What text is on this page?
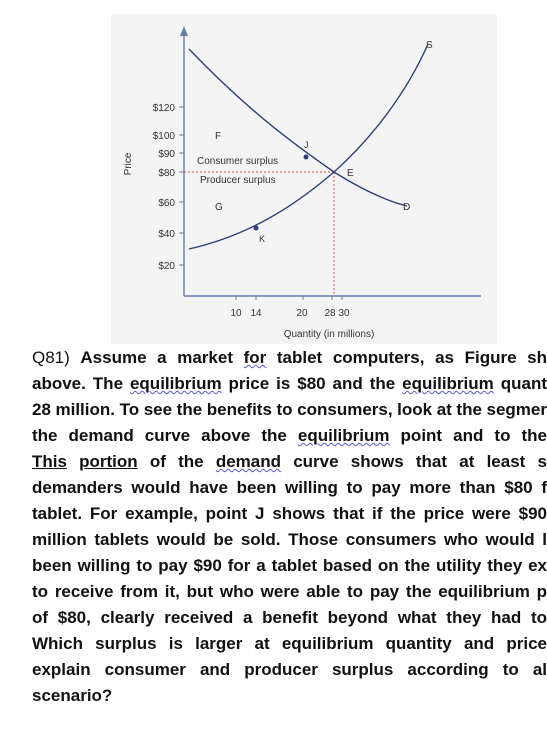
$120
$100
$90
$80
$60
$40
$20
Price
10 14	20 28 30
Quantity (in millions)
S
D
E
J
K
F
G
Consumer surplus
Producer surplus
Q81) Assume a market for tablet computers, as Figure sh
above. The equilibrium price is $80 and the equilibrium quant
28 million. To see the benefits to consumers, look at the segmer
the demand curve above the equilibrium point and to the
This portion of the demand curve shows that at least s
demanders would have been willing to pay more than $80 f
tablet. For example, point J shows that if the price were $90
million tablets would be sold. Those consumers who would l
been willing to pay $90 for a tablet based on the utility they ex
to receive from it, but who were able to pay the equilibrium p
of $80, clearly received a benefit beyond what they had to
Which surplus is larger at equilibrium quantity and price
explain consumer and producer surplus according to al
scenario?
